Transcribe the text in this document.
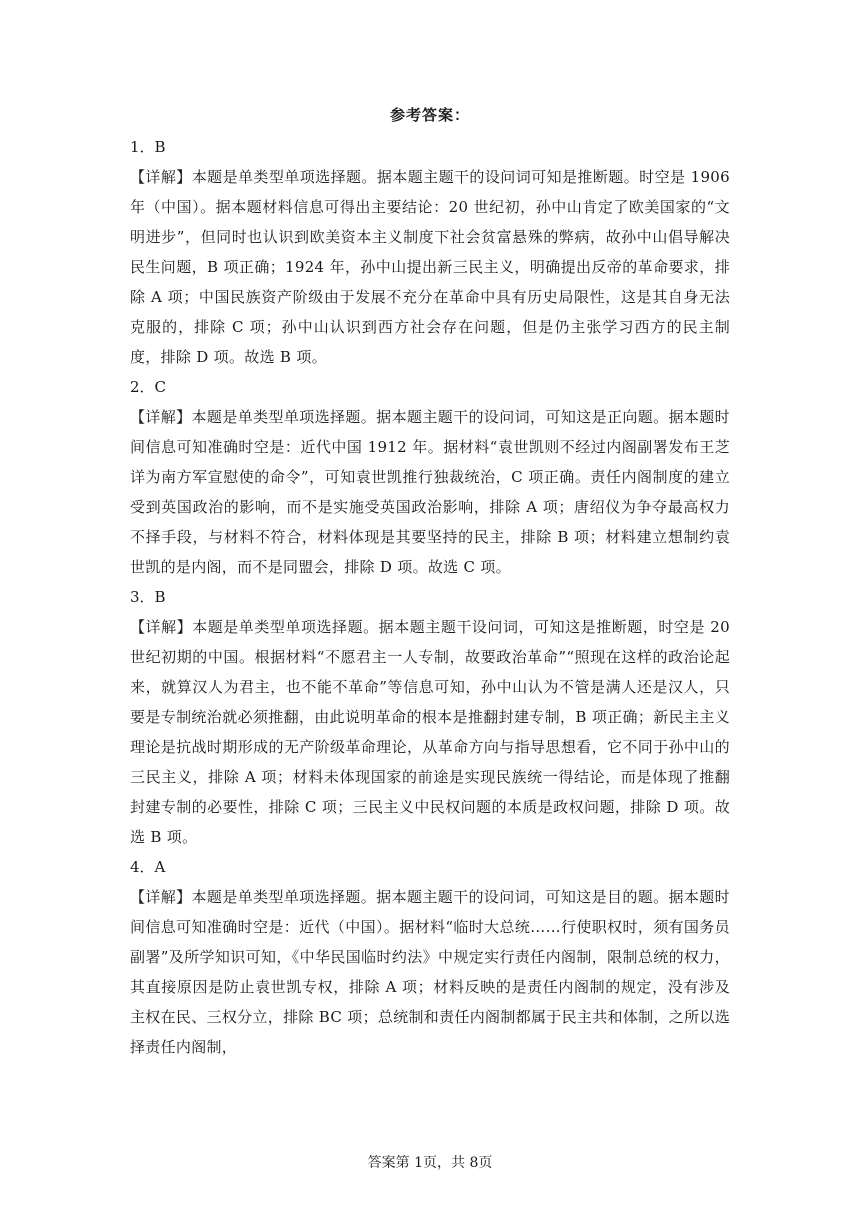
参考答案：

1．B

【详解】本题是单类型单项选择题。据本题主题干的设问词可知是推断题。时空是 1906 年（中国）。据本题材料信息可得出主要结论：20 世纪初，孙中山肯定了欧美国家的“文明进步”，但同时也认识到欧美资本主义制度下社会贫富悬殊的弊病，故孙中山倡导解决民生问题，B 项正确；1924 年，孙中山提出新三民主义，明确提出反帝的革命要求，排除 A 项；中国民族资产阶级由于发展不充分在革命中具有历史局限性，这是其自身无法克服的，排除 C 项；孙中山认识到西方社会存在问题，但是仍主张学习西方的民主制度，排除 D 项。故选 B 项。

2．C

【详解】本题是单类型单项选择题。据本题主题干的设问词，可知这是正向题。据本题时间信息可知准确时空是：近代中国 1912 年。据材料“袁世凯则不经过内阁副署发布王芝详为南方军宣慰使的命令”，可知袁世凯推行独裁统治，C 项正确。责任内阁制度的建立受到英国政治的影响，而不是实施受英国政治影响，排除 A 项；唐绍仪为争夺最高权力不择手段，与材料不符合，材料体现是其要坚持的民主，排除 B 项；材料建立想制约袁世凯的是内阁，而不是同盟会，排除 D 项。故选 C 项。

3．B

【详解】本题是单类型单项选择题。据本题主题干设问词，可知这是推断题，时空是 20 世纪初期的中国。根据材料“不愿君主一人专制，故要政治革命”“照现在这样的政治论起来，就算汉人为君主，也不能不革命”等信息可知，孙中山认为不管是满人还是汉人，只要是专制统治就必须推翻，由此说明革命的根本是推翻封建专制，B 项正确；新民主主义理论是抗战时期形成的无产阶级革命理论，从革命方向与指导思想看，它不同于孙中山的三民主义，排除 A 项；材料未体现国家的前途是实现民族统一得结论，而是体现了推翻封建专制的必要性，排除 C 项；三民主义中民权问题的本质是政权问题，排除 D 项。故选 B 项。

4．A

【详解】本题是单类型单项选择题。据本题主题干的设问词，可知这是目的题。据本题时间信息可知准确时空是：近代（中国）。据材料“临时大总统……行使职权时，须有国务员副署”及所学知识可知，《中华民国临时约法》中规定实行责任内阁制，限制总统的权力，其直接原因是防止袁世凯专权，排除 A 项；材料反映的是责任内阁制的规定，没有涉及主权在民、三权分立，排除 BC 项；总统制和责任内阁制都属于民主共和体制，之所以选择责任内阁制，

答案第 1页，共 8页
